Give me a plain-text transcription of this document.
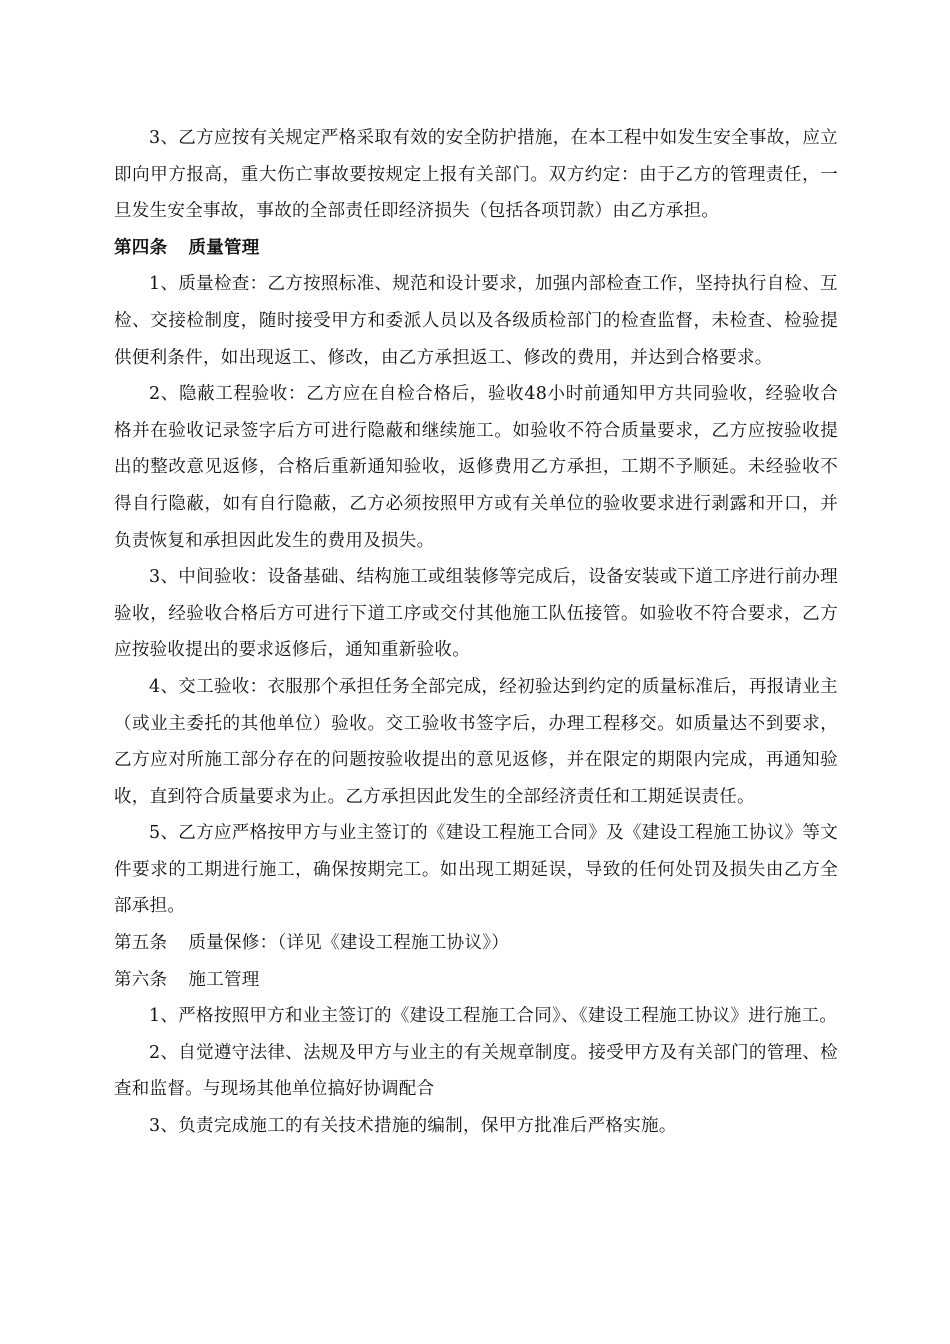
3、乙方应按有关规定严格采取有效的安全防护措施，在本工程中如发生安全事故，应立即向甲方报高，重大伤亡事故要按规定上报有关部门。双方约定：由于乙方的管理责任，一旦发生安全事故，事故的全部责任即经济损失（包括各项罚款）由乙方承担。

第四条 质量管理

1、质量检查：乙方按照标准、规范和设计要求，加强内部检查工作，坚持执行自检、互检、交接检制度，随时接受甲方和委派人员以及各级质检部门的检查监督，未检查、检验提供便利条件，如出现返工、修改，由乙方承担返工、修改的费用，并达到合格要求。

2、隐蔽工程验收：乙方应在自检合格后，验收48小时前通知甲方共同验收，经验收合格并在验收记录签字后方可进行隐蔽和继续施工。如验收不符合质量要求，乙方应按验收提出的整改意见返修，合格后重新通知验收，返修费用乙方承担，工期不予顺延。未经验收不得自行隐蔽，如有自行隐蔽，乙方必须按照甲方或有关单位的验收要求进行剥露和开口，并负责恢复和承担因此发生的费用及损失。

3、中间验收：设备基础、结构施工或组装修等完成后，设备安装或下道工序进行前办理验收，经验收合格后方可进行下道工序或交付其他施工队伍接管。如验收不符合要求，乙方应按验收提出的要求返修后，通知重新验收。

4、交工验收：衣服那个承担任务全部完成，经初验达到约定的质量标准后，再报请业主（或业主委托的其他单位）验收。交工验收书签字后，办理工程移交。如质量达不到要求，乙方应对所施工部分存在的问题按验收提出的意见返修，并在限定的期限内完成，再通知验收，直到符合质量要求为止。乙方承担因此发生的全部经济责任和工期延误责任。

5、乙方应严格按甲方与业主签订的《建设工程施工合同》及《建设工程施工协议》等文件要求的工期进行施工，确保按期完工。如出现工期延误，导致的任何处罚及损失由乙方全部承担。

第五条 质量保修：（详见《建设工程施工协议》）

第六条 施工管理

1、严格按照甲方和业主签订的《建设工程施工合同》、《建设工程施工协议》进行施工。

2、自觉遵守法律、法规及甲方与业主的有关规章制度。接受甲方及有关部门的管理、检查和监督。与现场其他单位搞好协调配合

3、负责完成施工的有关技术措施的编制，保甲方批准后严格实施。
